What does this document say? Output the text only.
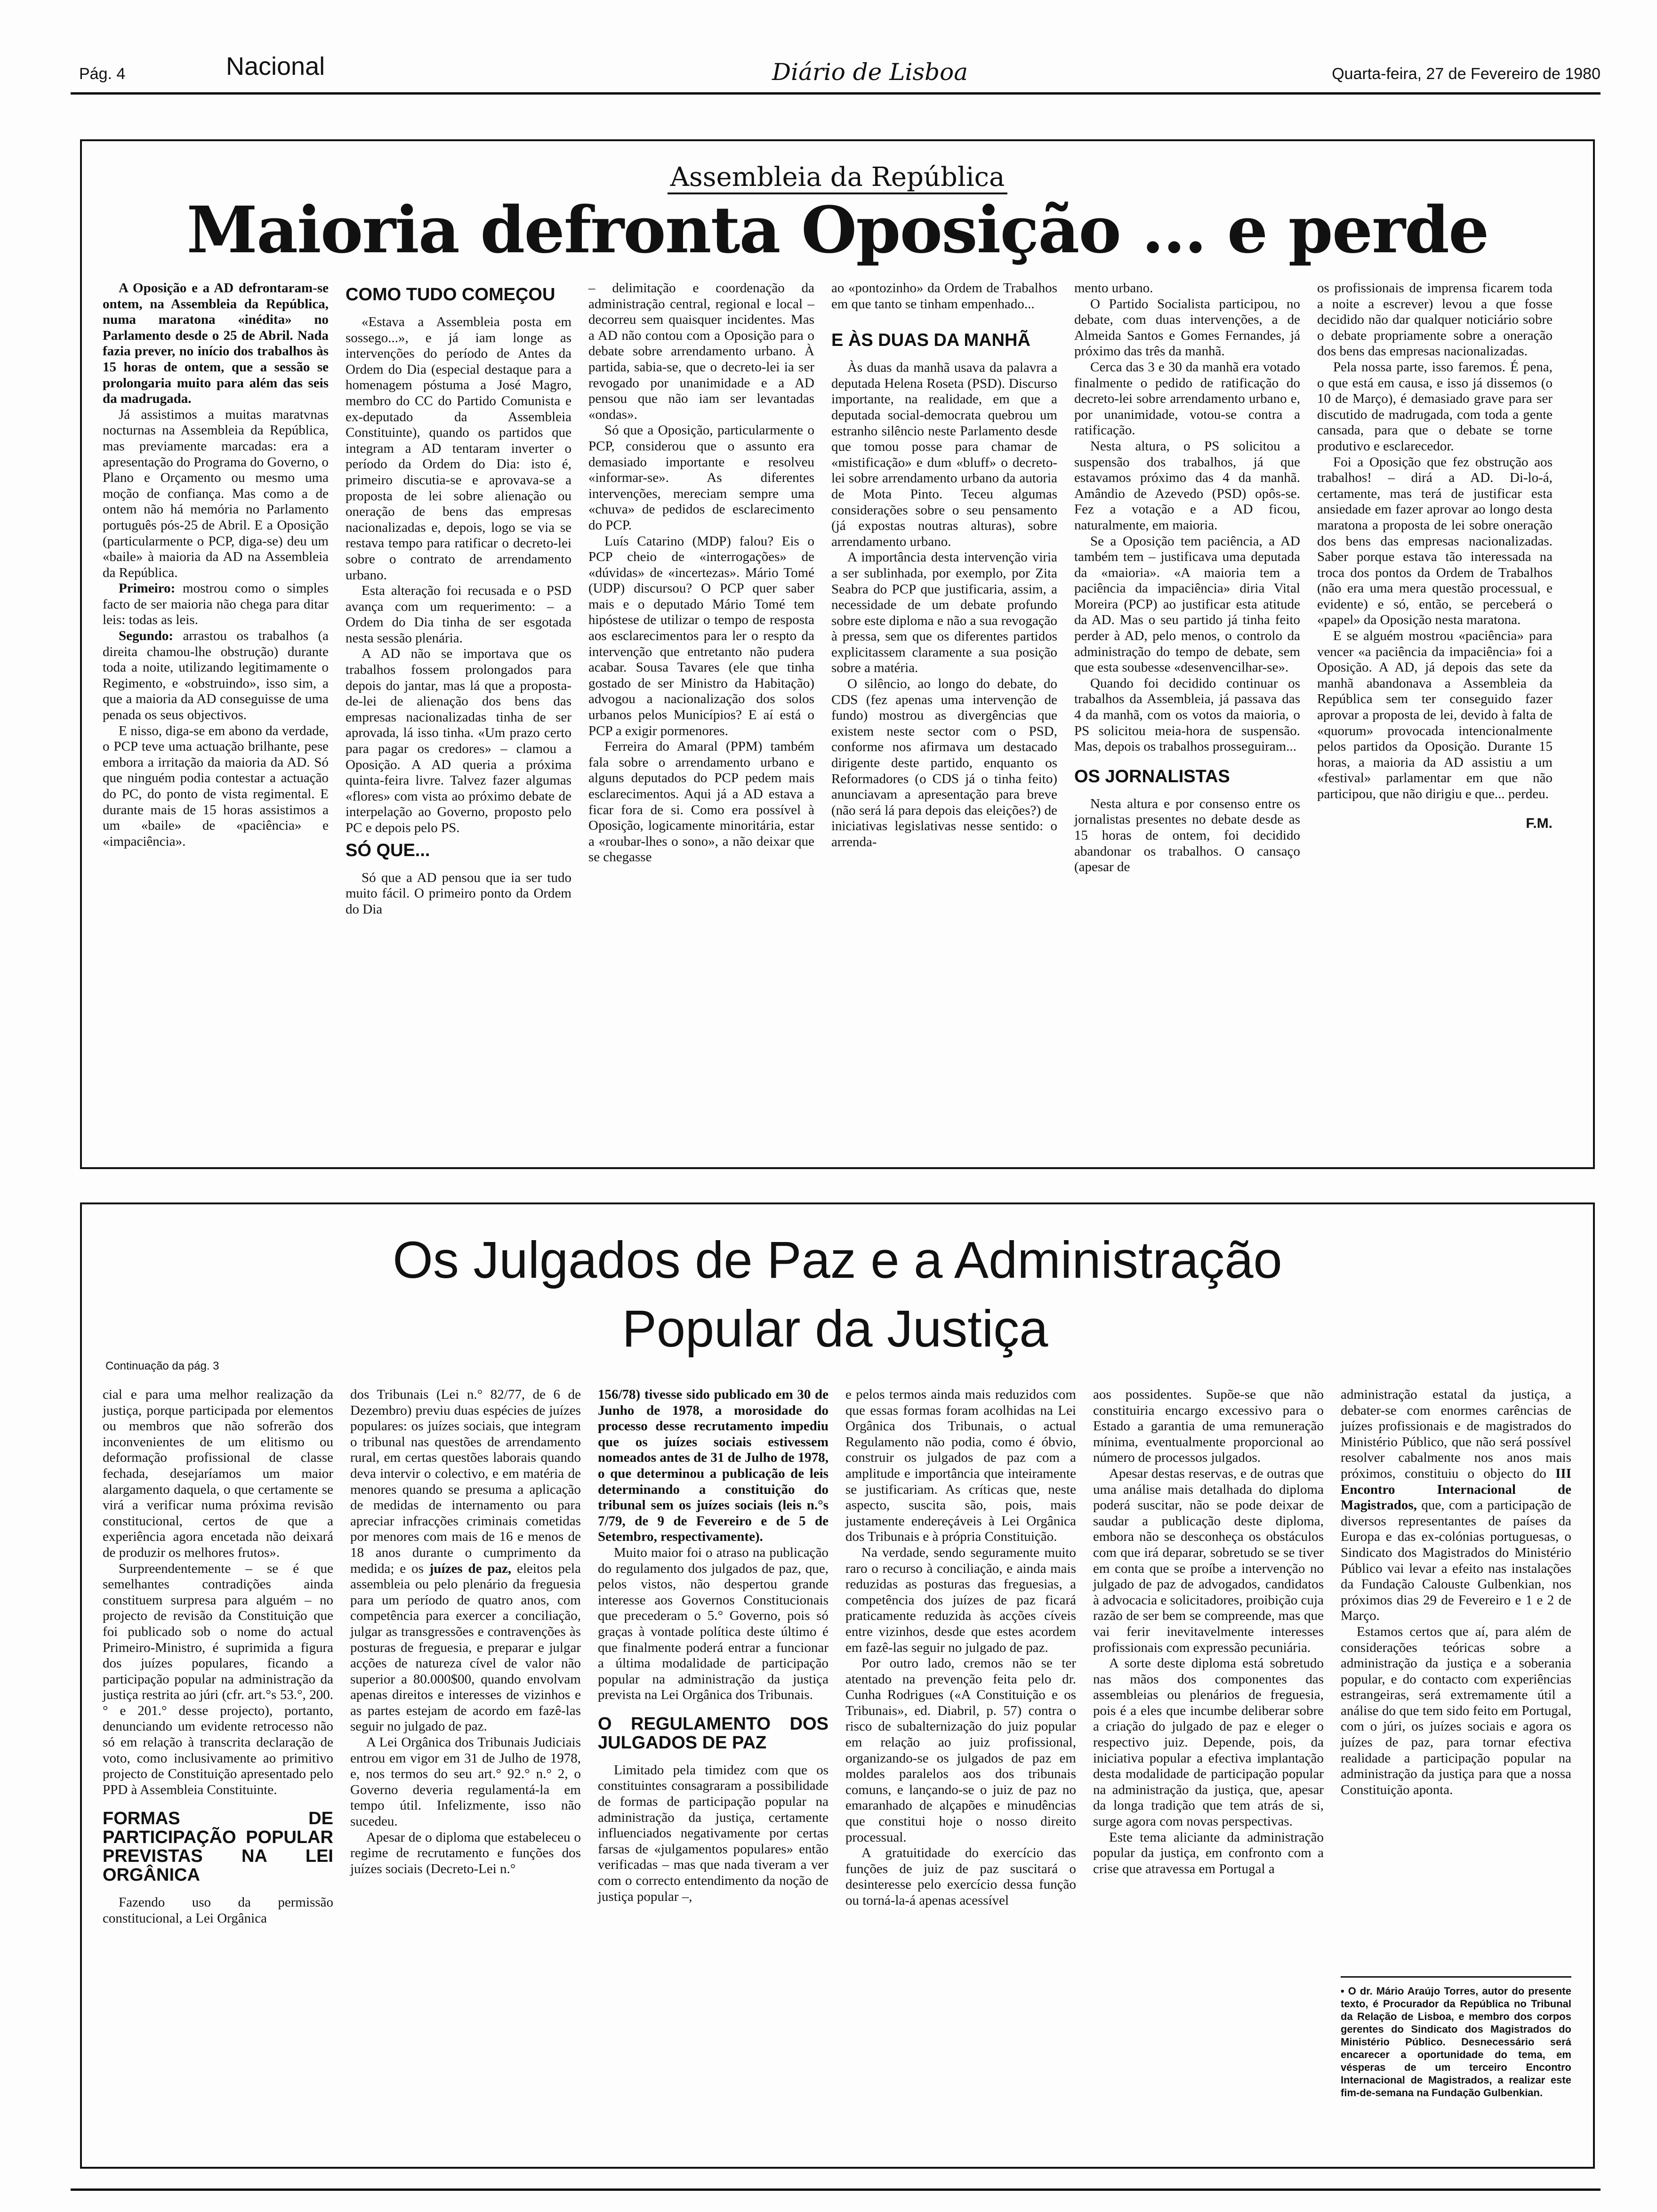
Pág. 4	Nacional	Diário de Lisboa	Quarta-feira, 27 de Fevereiro de 1980
Assembleia da República
Maioria defronta Oposição ... e perde

A Oposição e a AD defrontaram-se ontem, na Assembleia da República, numa maratona «inédita» no Parlamento desde o 25 de Abril. Nada fazia prever, no início dos trabalhos às 15 horas de ontem, que a sessão se prolongaria muito para além das seis da madrugada.

Já assistimos a muitas maratvnas nocturnas na Assembleia da República, mas previamente marcadas: era a apresentação do Programa do Governo, o Plano e Orçamento ou mesmo uma moção de confiança. Mas como a de ontem não há memória no Parlamento português pós-25 de Abril. E a Oposição (particularmente o PCP, diga-se) deu um «baile» à maioria da AD na Assembleia da República.

Primeiro: mostrou como o simples facto de ser maioria não chega para ditar leis: todas as leis.

Segundo: arrastou os trabalhos (a direita chamou-lhe obstrução) durante toda a noite, utilizando legitimamente o Regimento, e «obstruindo», isso sim, a que a maioria da AD conseguisse de uma penada os seus objectivos.

E nisso, diga-se em abono da verdade, o PCP teve uma actuação brilhante, pese embora a irritação da maioria da AD. Só que ninguém podia contestar a actuação do PC, do ponto de vista regimental. E durante mais de 15 horas assistimos a um «baile» de «paciência» e «impaciência».

COMO TUDO COMEÇOU

«Estava a Assembleia posta em sossego...», e já iam longe as intervenções do período de Antes da Ordem do Dia (especial destaque para a homenagem póstuma a José Magro, membro do CC do Partido Comunista e ex-deputado da Assembleia Constituinte), quando os partidos que integram a AD tentaram inverter o período da Ordem do Dia: isto é, primeiro discutia-se e aprovava-se a proposta de lei sobre alienação ou oneração de bens das empresas nacionalizadas e, depois, logo se via se restava tempo para ratificar o decreto-lei sobre o contrato de arrendamento urbano.

Esta alteração foi recusada e o PSD avança com um requerimento: – a Ordem do Dia tinha de ser esgotada nesta sessão plenária.

A AD não se importava que os trabalhos fossem prolongados para depois do jantar, mas lá que a proposta-de-lei de alienação dos bens das empresas nacionalizadas tinha de ser aprovada, lá isso tinha. «Um prazo certo para pagar os credores» – clamou a Oposição. A AD queria a próxima quinta-feira livre. Talvez fazer algumas «flores» com vista ao próximo debate de interpelação ao Governo, proposto pelo PC e depois pelo PS.

SÓ QUE...

Só que a AD pensou que ia ser tudo muito fácil. O primeiro ponto da Ordem do Dia

– delimitação e coordenação da administração central, regional e local – decorreu sem quaisquer incidentes. Mas a AD não contou com a Oposição para o debate sobre arrendamento urbano. À partida, sabia-se, que o decreto-lei ia ser revogado por unanimidade e a AD pensou que não iam ser levantadas «ondas».

Só que a Oposição, particularmente o PCP, considerou que o assunto era demasiado importante e resolveu «informar-se». As diferentes intervenções, mereciam sempre uma «chuva» de pedidos de esclarecimento do PCP.

Luís Catarino (MDP) falou? Eis o PCP cheio de «interrogações» de «dúvidas» de «incertezas». Mário Tomé (UDP) discursou? O PCP quer saber mais e o deputado Mário Tomé tem hipóstese de utilizar o tempo de resposta aos esclarecimentos para ler o respto da intervenção que entretanto não pudera acabar. Sousa Tavares (ele que tinha gostado de ser Ministro da Habitação) advogou a nacionalização dos solos urbanos pelos Municípios? E aí está o PCP a exigir pormenores.

Ferreira do Amaral (PPM) também fala sobre o arrendamento urbano e alguns deputados do PCP pedem mais esclarecimentos. Aqui já a AD estava a ficar fora de si. Como era possível à Oposição, logicamente minoritária, estar a «roubar-lhes o sono», a não deixar que se chegasse

ao «pontozinho» da Ordem de Trabalhos em que tanto se tinham empenhado...

E ÀS DUAS DA MANHÃ

Às duas da manhã usava da palavra a deputada Helena Roseta (PSD). Discurso importante, na realidade, em que a deputada social-democrata quebrou um estranho silêncio neste Parlamento desde que tomou posse para chamar de «mistificação» e dum «bluff» o decreto-lei sobre arrendamento urbano da autoria de Mota Pinto. Teceu algumas considerações sobre o seu pensamento (já expostas noutras alturas), sobre arrendamento urbano.

A importância desta intervenção viria a ser sublinhada, por exemplo, por Zita Seabra do PCP que justificaria, assim, a necessidade de um debate profundo sobre este diploma e não a sua revogação à pressa, sem que os diferentes partidos explicitassem claramente a sua posição sobre a matéria.

O silêncio, ao longo do debate, do CDS (fez apenas uma intervenção de fundo) mostrou as divergências que existem neste sector com o PSD, conforme nos afirmava um destacado dirigente deste partido, enquanto os Reformadores (o CDS já o tinha feito) anunciavam a apresentação para breve (não será lá para depois das eleições?) de iniciativas legislativas nesse sentido: o arrenda-

mento urbano.

O Partido Socialista participou, no debate, com duas intervenções, a de Almeida Santos e Gomes Fernandes, já próximo das três da manhã.

Cerca das 3 e 30 da manhã era votado finalmente o pedido de ratificação do decreto-lei sobre arrendamento urbano e, por unanimidade, votou-se contra a ratificação.

Nesta altura, o PS solicitou a suspensão dos trabalhos, já que estavamos próximo das 4 da manhã. Amândio de Azevedo (PSD) opôs-se. Fez a votação e a AD ficou, naturalmente, em maioria.

Se a Oposição tem paciência, a AD também tem – justificava uma deputada da «maioria». «A maioria tem a paciência da impaciência» diria Vital Moreira (PCP) ao justificar esta atitude da AD. Mas o seu partido já tinha feito perder à AD, pelo menos, o controlo da administração do tempo de debate, sem que esta soubesse «desenvencilhar-se».

Quando foi decidido continuar os trabalhos da Assembleia, já passava das 4 da manhã, com os votos da maioria, o PS solicitou meia-hora de suspensão. Mas, depois os trabalhos prosseguiram...

OS JORNALISTAS

Nesta altura e por consenso entre os jornalistas presentes no debate desde as 15 horas de ontem, foi decidido abandonar os trabalhos. O cansaço (apesar de

os profissionais de imprensa ficarem toda a noite a escrever) levou a que fosse decidido não dar qualquer noticiário sobre o debate propriamente sobre a oneração dos bens das empresas nacionalizadas.

Pela nossa parte, isso faremos. É pena, o que está em causa, e isso já dissemos (o 10 de Março), é demasiado grave para ser discutido de madrugada, com toda a gente cansada, para que o debate se torne produtivo e esclarecedor.

Foi a Oposição que fez obstrução aos trabalhos! – dirá a AD. Di-lo-á, certamente, mas terá de justificar esta ansiedade em fazer aprovar ao longo desta maratona a proposta de lei sobre oneração dos bens das empresas nacionalizadas. Saber porque estava tão interessada na troca dos pontos da Ordem de Trabalhos (não era uma mera questão processual, e evidente) e só, então, se perceberá o «papel» da Oposição nesta maratona.

E se alguém mostrou «paciência» para vencer «a paciência da impaciência» foi a Oposição. A AD, já depois das sete da manhã abandonava a Assembleia da República sem ter conseguido fazer aprovar a proposta de lei, devido à falta de «quorum» provocada intencionalmente pelos partidos da Oposição. Durante 15 horas, a maioria da AD assistiu a um «festival» parlamentar em que não participou, que não dirigiu e que... perdeu.

F.M.
Os Julgados de Paz e a Administração
Popular da Justiça
Continuação da pág. 3

cial e para uma melhor realização da justiça, porque participada por elementos ou membros que não sofrerão dos inconvenientes de um elitismo ou deformação profissional de classe fechada, desejaríamos um maior alargamento daquela, o que certamente se virá a verificar numa próxima revisão constitucional, certos de que a experiência agora encetada não deixará de produzir os melhores frutos».

Surpreendentemente – se é que semelhantes contradições ainda constituem surpresa para alguém – no projecto de revisão da Constituição que foi publicado sob o nome do actual Primeiro-Ministro, é suprimida a figura dos juízes populares, ficando a participação popular na administração da justiça restrita ao júri (cfr. art.°s 53.°, 200.° e 201.° desse projecto), portanto, denunciando um evidente retrocesso não só em relação à transcrita declaração de voto, como inclusivamente ao primitivo projecto de Constituição apresentado pelo PPD à Assembleia Constituinte.

FORMAS DE PARTICIPAÇÃO POPULAR PREVISTAS NA LEI ORGÂNICA

Fazendo uso da permissão constitucional, a Lei Orgânica

dos Tribunais (Lei n.° 82/77, de 6 de Dezembro) previu duas espécies de juízes populares: os juízes sociais, que integram o tribunal nas questões de arrendamento rural, em certas questões laborais quando deva intervir o colectivo, e em matéria de menores quando se presuma a aplicação de medidas de internamento ou para apreciar infracções criminais cometidas por menores com mais de 16 e menos de 18 anos durante o cumprimento da medida; e os juízes de paz, eleitos pela assembleia ou pelo plenário da freguesia para um período de quatro anos, com competência para exercer a conciliação, julgar as transgressões e contravenções às posturas de freguesia, e preparar e julgar acções de natureza cível de valor não superior a 80.000$00, quando envolvam apenas direitos e interesses de vizinhos e as partes estejam de acordo em fazê-las seguir no julgado de paz.

A Lei Orgânica dos Tribunais Judiciais entrou em vigor em 31 de Julho de 1978, e, nos termos do seu art.° 92.° n.° 2, o Governo deveria regulamentá-la em tempo útil. Infelizmente, isso não sucedeu.

Apesar de o diploma que estabeleceu o regime de recrutamento e funções dos juízes sociais (Decreto-Lei n.°

156/78) tivesse sido publicado em 30 de Junho de 1978, a morosidade do processo desse recrutamento impediu que os juízes sociais estivessem nomeados antes de 31 de Julho de 1978, o que determinou a publicação de leis determinando a constituição do tribunal sem os juízes sociais (leis n.°s 7/79, de 9 de Fevereiro e de 5 de Setembro, respectivamente).

Muito maior foi o atraso na publicação do regulamento dos julgados de paz, que, pelos vistos, não despertou grande interesse aos Governos Constitucionais que precederam o 5.° Governo, pois só graças à vontade política deste último é que finalmente poderá entrar a funcionar a última modalidade de participação popular na administração da justiça prevista na Lei Orgânica dos Tribunais.

O REGULAMENTO DOS JULGADOS DE PAZ

Limitado pela timidez com que os constituintes consagraram a possibilidade de formas de participação popular na administração da justiça, certamente influenciados negativamente por certas farsas de «julgamentos populares» então verificadas – mas que nada tiveram a ver com o correcto entendimento da noção de justiça popular –,

e pelos termos ainda mais reduzidos com que essas formas foram acolhidas na Lei Orgânica dos Tribunais, o actual Regulamento não podia, como é óbvio, construir os julgados de paz com a amplitude e importância que inteiramente se justificariam. As críticas que, neste aspecto, suscita são, pois, mais justamente endereçáveis à Lei Orgânica dos Tribunais e à própria Constituição.

Na verdade, sendo seguramente muito raro o recurso à conciliação, e ainda mais reduzidas as posturas das freguesias, a competência dos juízes de paz ficará praticamente reduzida às acções cíveis entre vizinhos, desde que estes acordem em fazê-las seguir no julgado de paz.

Por outro lado, cremos não se ter atentado na prevenção feita pelo dr. Cunha Rodrigues («A Constituição e os Tribunais», ed. Diabril, p. 57) contra o risco de subalternização do juiz popular em relação ao juiz profissional, organizando-se os julgados de paz em moldes paralelos aos dos tribunais comuns, e lançando-se o juiz de paz no emaranhado de alçapões e minudências que constitui hoje o nosso direito processual.

A gratuitidade do exercício das funções de juiz de paz suscitará o desinteresse pelo exercício dessa função ou torná-la-á apenas acessível

aos possidentes. Supõe-se que não constituiria encargo excessivo para o Estado a garantia de uma remuneração mínima, eventualmente proporcional ao número de processos julgados.

Apesar destas reservas, e de outras que uma análise mais detalhada do diploma poderá suscitar, não se pode deixar de saudar a publicação deste diploma, embora não se desconheça os obstáculos com que irá deparar, sobretudo se se tiver em conta que se proíbe a intervenção no julgado de paz de advogados, candidatos à advocacia e solicitadores, proibição cuja razão de ser bem se compreende, mas que vai ferir inevitavelmente interesses profissionais com expressão pecuniária.

A sorte deste diploma está sobretudo nas mãos dos componentes das assembleias ou plenários de freguesia, pois é a eles que incumbe deliberar sobre a criação do julgado de paz e eleger o respectivo juiz. Depende, pois, da iniciativa popular a efectiva implantação desta modalidade de participação popular na administração da justiça, que, apesar da longa tradição que tem atrás de si, surge agora com novas perspectivas.

Este tema aliciante da administração popular da justiça, em confronto com a crise que atravessa em Portugal a

administração estatal da justiça, a debater-se com enormes carências de juízes profissionais e de magistrados do Ministério Público, que não será possível resolver cabalmente nos anos mais próximos, constituiu o objecto do III Encontro Internacional de Magistrados, que, com a participação de diversos representantes de países da Europa e das ex-colónias portuguesas, o Sindicato dos Magistrados do Ministério Público vai levar a efeito nas instalações da Fundação Calouste Gulbenkian, nos próximos dias 29 de Fevereiro e 1 e 2 de Março.

Estamos certos que aí, para além de considerações teóricas sobre a administração da justiça e a soberania popular, e do contacto com experiências estrangeiras, será extremamente útil a análise do que tem sido feito em Portugal, com o júri, os juízes sociais e agora os juízes de paz, para tornar efectiva realidade a participação popular na administração da justiça para que a nossa Constituição aponta.

• O dr. Mário Araújo Torres, autor do presente texto, é Procurador da República no Tribunal da Relação de Lisboa, e membro dos corpos gerentes do Sindicato dos Magistrados do Ministério Público. Desnecessário será encarecer a oportunidade do tema, em vésperas de um terceiro Encontro Internacional de Magistrados, a realizar este fim-de-semana na Fundação Gulbenkian.
